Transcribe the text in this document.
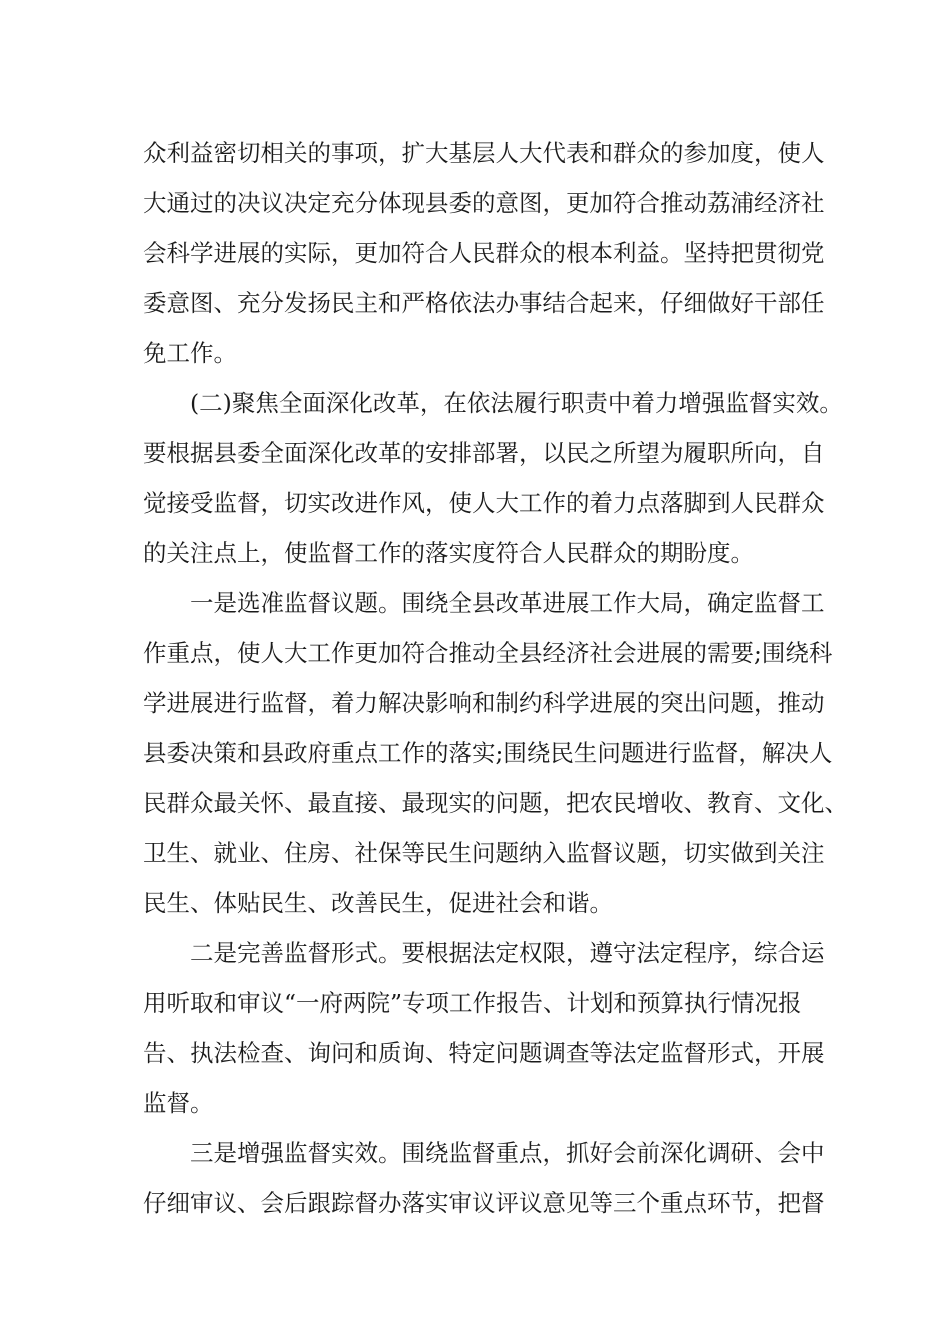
众利益密切相关的事项，扩大基层人大代表和群众的参加度，使人
大通过的决议决定充分体现县委的意图，更加符合推动荔浦经济社
会科学进展的实际，更加符合人民群众的根本利益。坚持把贯彻党
委意图、充分发扬民主和严格依法办事结合起来，仔细做好干部任
免工作。
(二)聚焦全面深化改革，在依法履行职责中着力增强监督实效。
要根据县委全面深化改革的安排部署，以民之所望为履职所向，自
觉接受监督，切实改进作风，使人大工作的着力点落脚到人民群众
的关注点上，使监督工作的落实度符合人民群众的期盼度。
一是选准监督议题。围绕全县改革进展工作大局，确定监督工
作重点，使人大工作更加符合推动全县经济社会进展的需要;围绕科
学进展进行监督，着力解决影响和制约科学进展的突出问题，推动
县委决策和县政府重点工作的落实;围绕民生问题进行监督，解决人
民群众最关怀、最直接、最现实的问题，把农民增收、教育、文化、
卫生、就业、住房、社保等民生问题纳入监督议题，切实做到关注
民生、体贴民生、改善民生，促进社会和谐。
二是完善监督形式。要根据法定权限，遵守法定程序，综合运
用听取和审议“一府两院”专项工作报告、计划和预算执行情况报
告、执法检查、询问和质询、特定问题调查等法定监督形式，开展
监督。
三是增强监督实效。围绕监督重点，抓好会前深化调研、会中
仔细审议、会后跟踪督办落实审议评议意见等三个重点环节，把督
